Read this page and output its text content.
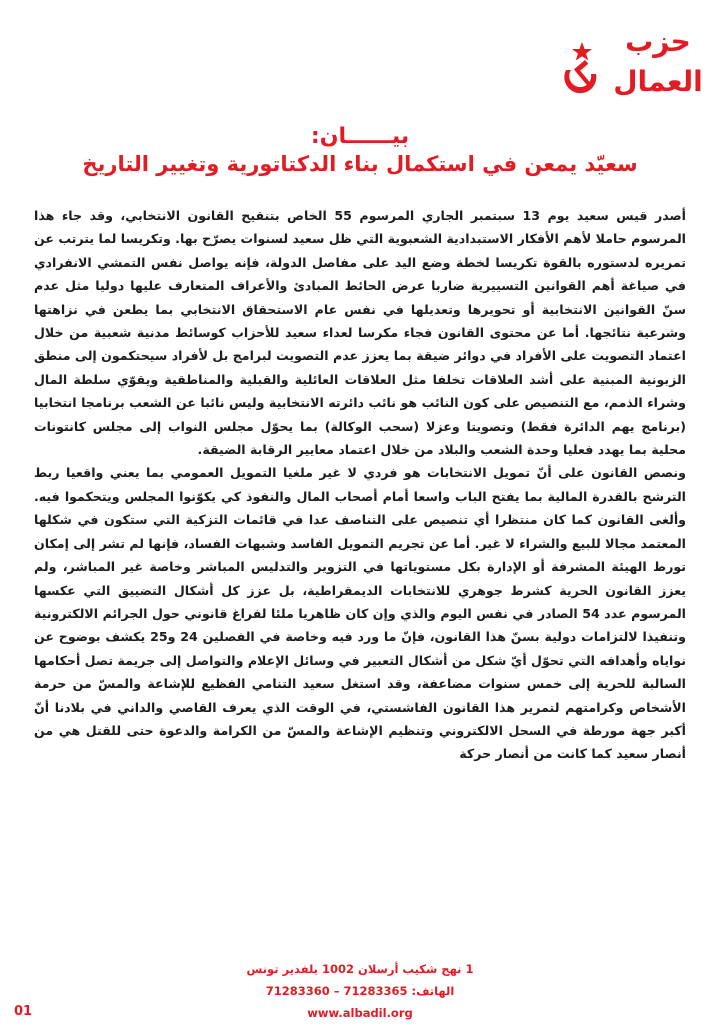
حزب
العمال
بيــــــان:
سعيّد يمعن في استكمال بناء الدكتاتورية وتغيير التاريخ

أصدر قيس سعيد يوم 13 سبتمبر الجاري المرسوم 55 الخاص بتنقيح القانون الانتخابي، وقد جاء هذا المرسوم حاملا لأهم الأفكار الاستبدادية الشعبوية التي ظل سعيد لسنوات يصرّح بها. وتكريسا لما يترتب عن تمريره لدستوره بالقوة تكريسا لخطة وضع اليد على مفاصل الدولة، فإنه يواصل نفس التمشي الانفرادي في صياغة أهم القوانين التسييرية ضاربا عرض الحائط المبادئ والأعراف المتعارف عليها دوليا مثل عدم سنّ القوانين الانتخابية أو تحويرها وتعديلها في نفس عام الاستحقاق الانتخابي بما يطعن في نزاهتها وشرعية نتائجها. أما عن محتوى القانون فجاء مكرسا لعداء سعيد للأحزاب كوسائط مدنية شعبية من خلال اعتماد التصويت على الأفراد في دوائر ضيقة بما يعزز عدم التصويت لبرامج بل لأفراد سيحتكمون إلى منطق الزبونية المبنية على أشد العلاقات تخلفا مثل العلاقات العائلية والقبلية والمناطقية ويقوّي سلطة المال وشراء الذمم، مع التنصيص على كون النائب هو نائب دائرته الانتخابية وليس نائبا عن الشعب برنامجا انتخابيا (برنامج يهم الدائرة فقط) وتصويتا وعزلا (سحب الوكالة) بما يحوّل مجلس النواب إلى مجلس كانتونات محلية بما يهدد فعليا وحدة الشعب والبلاد من خلال اعتماد معايير الرقابة الضيقة.

ونصص القانون على أنّ تمويل الانتخابات هو فردي لا غير ملغيا التمويل العمومي بما يعني واقعيا ربط الترشح بالقدرة المالية بما يفتح الباب واسعا أمام أصحاب المال والنفوذ كي يكوّنوا المجلس ويتحكموا فيه. وألغى القانون كما كان منتظرا أي تنصيص على التناصف عدا في قائمات التزكية التي ستكون في شكلها المعتمد مجالا للبيع والشراء لا غير. أما عن تجريم التمويل الفاسد وشبهات الفساد، فإنها لم تشر إلى إمكان تورط الهيئة المشرفة أو الإدارة بكل مستوياتها في التزوير والتدليس المباشر وخاصة غير المباشر، ولم يعزز القانون الحرية كشرط جوهري للانتخابات الديمقراطية، بل عزز كل أشكال التضييق التي عكسها المرسوم عدد 54 الصادر في نفس اليوم والذي وإن كان ظاهريا ملئا لفراغ قانوني حول الجرائم الالكترونية وتنفيذا لالتزامات دولية بسنّ هذا القانون، فإنّ ما ورد فيه وخاصة في الفصلين 24 و25 يكشف بوضوح عن نواياه وأهدافه التي تحوّل أيّ شكل من أشكال التعبير في وسائل الإعلام والتواصل إلى جريمة تصل أحكامها السالبة للحرية إلى خمس سنوات مضاعفة، وقد استغل سعيد التنامي الفظيع للإشاعة والمسّ من حرمة الأشخاص وكرامتهم لتمرير هذا القانون الفاشستي، في الوقت الذي يعرف القاصي والداني في بلادنا أنّ أكبر جهة مورطة في السحل الالكتروني وتنظيم الإشاعة والمسّ من الكرامة والدعوة حتى للقتل هي من أنصار سعيد كما كانت من أنصار حركة

1 نهج شكيب أرسلان 1002 بلفدير تونس
الهاتف: 71283365 – 71283360
www.albadil.org
01
